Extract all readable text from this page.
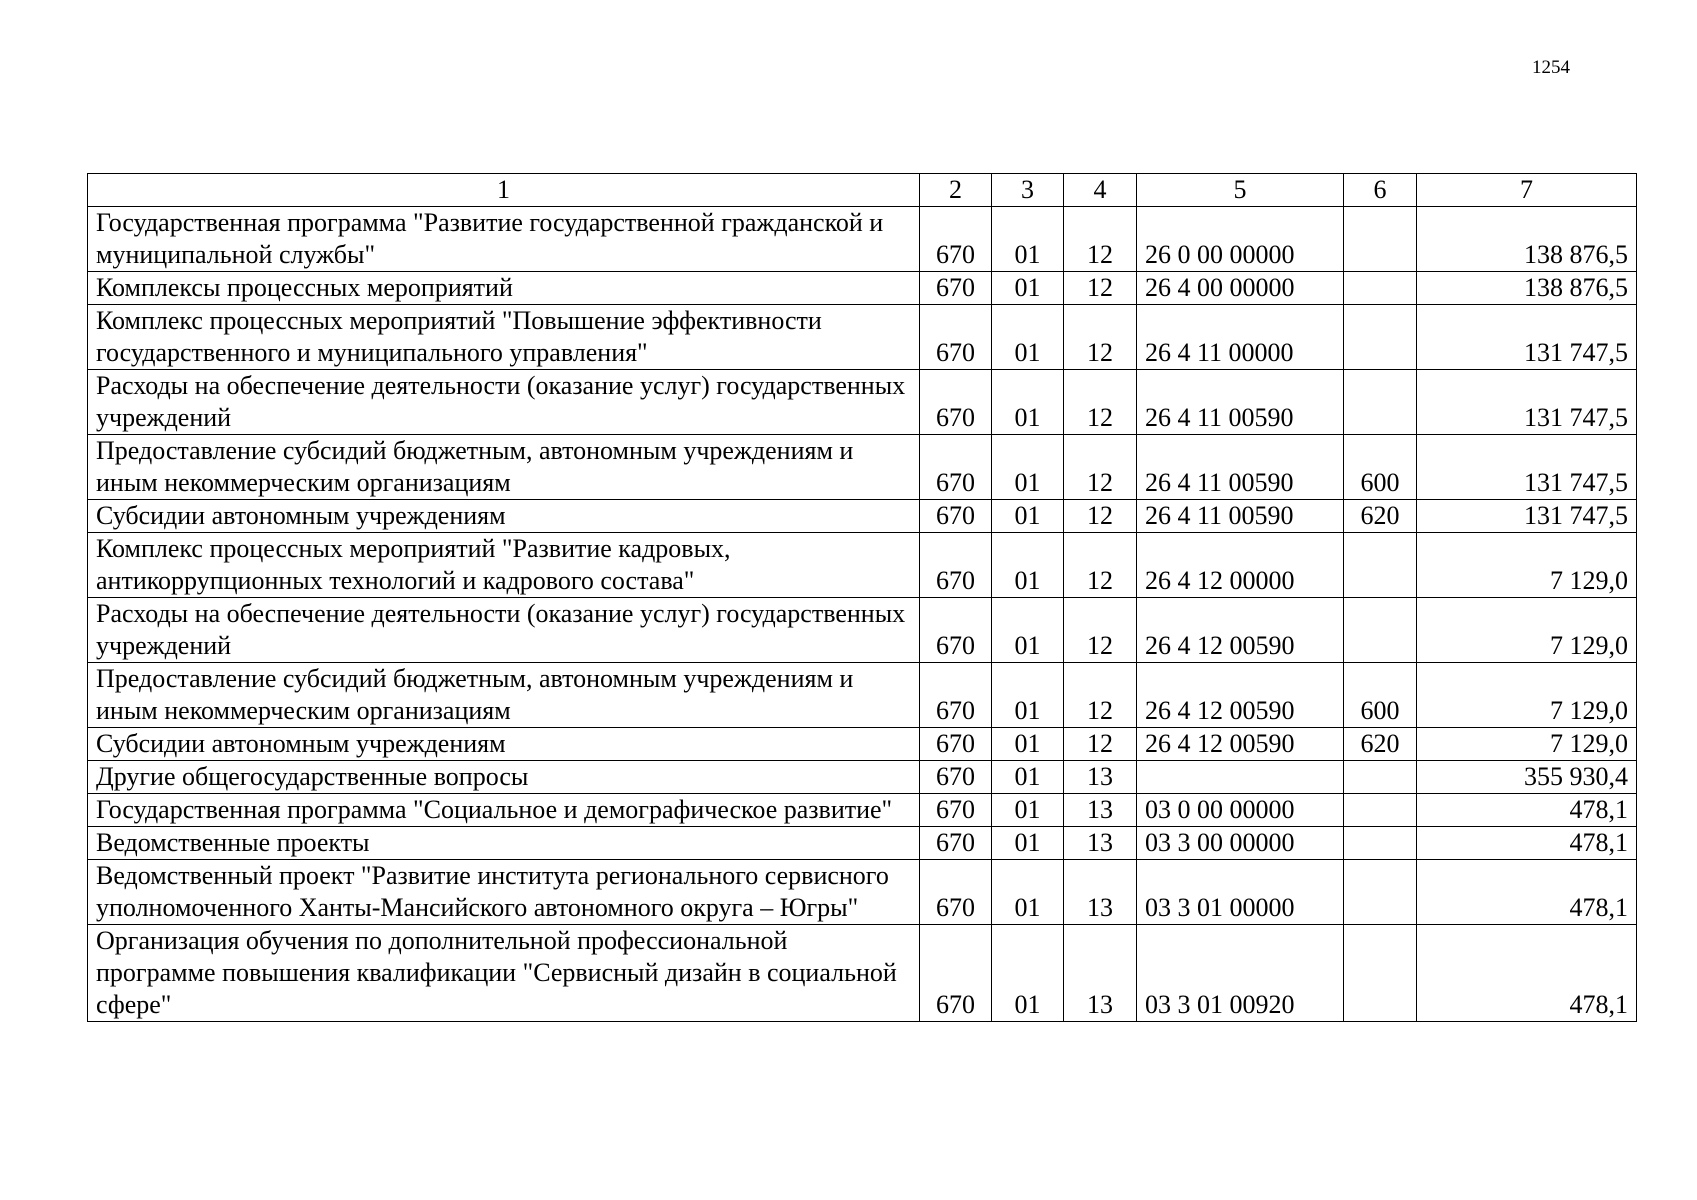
1254
1	2	3	4	5	6	7
Государственная программа "Развитие государственной гражданской и муниципальной службы"	670	01	12	26 0 00 00000		138 876,5
Комплексы процессных мероприятий	670	01	12	26 4 00 00000		138 876,5
Комплекс процессных мероприятий "Повышение эффективности государственного и муниципального управления"	670	01	12	26 4 11 00000		131 747,5
Расходы на обеспечение деятельности (оказание услуг) государственных учреждений	670	01	12	26 4 11 00590		131 747,5
Предоставление субсидий бюджетным, автономным учреждениям и иным некоммерческим организациям	670	01	12	26 4 11 00590	600	131 747,5
Субсидии автономным учреждениям	670	01	12	26 4 11 00590	620	131 747,5
Комплекс процессных мероприятий "Развитие кадровых, антикоррупционных технологий и кадрового состава"	670	01	12	26 4 12 00000		7 129,0
Расходы на обеспечение деятельности (оказание услуг) государственных учреждений	670	01	12	26 4 12 00590		7 129,0
Предоставление субсидий бюджетным, автономным учреждениям и иным некоммерческим организациям	670	01	12	26 4 12 00590	600	7 129,0
Субсидии автономным учреждениям	670	01	12	26 4 12 00590	620	7 129,0
Другие общегосударственные вопросы	670	01	13			355 930,4
Государственная программа "Социальное и демографическое развитие"	670	01	13	03 0 00 00000		478,1
Ведомственные проекты	670	01	13	03 3 00 00000		478,1
Ведомственный проект "Развитие института регионального сервисного уполномоченного Ханты-Мансийского автономного округа – Югры"	670	01	13	03 3 01 00000		478,1
Организация обучения по дополнительной профессиональной программе повышения квалификации "Сервисный дизайн в социальной сфере"	670	01	13	03 3 01 00920		478,1
